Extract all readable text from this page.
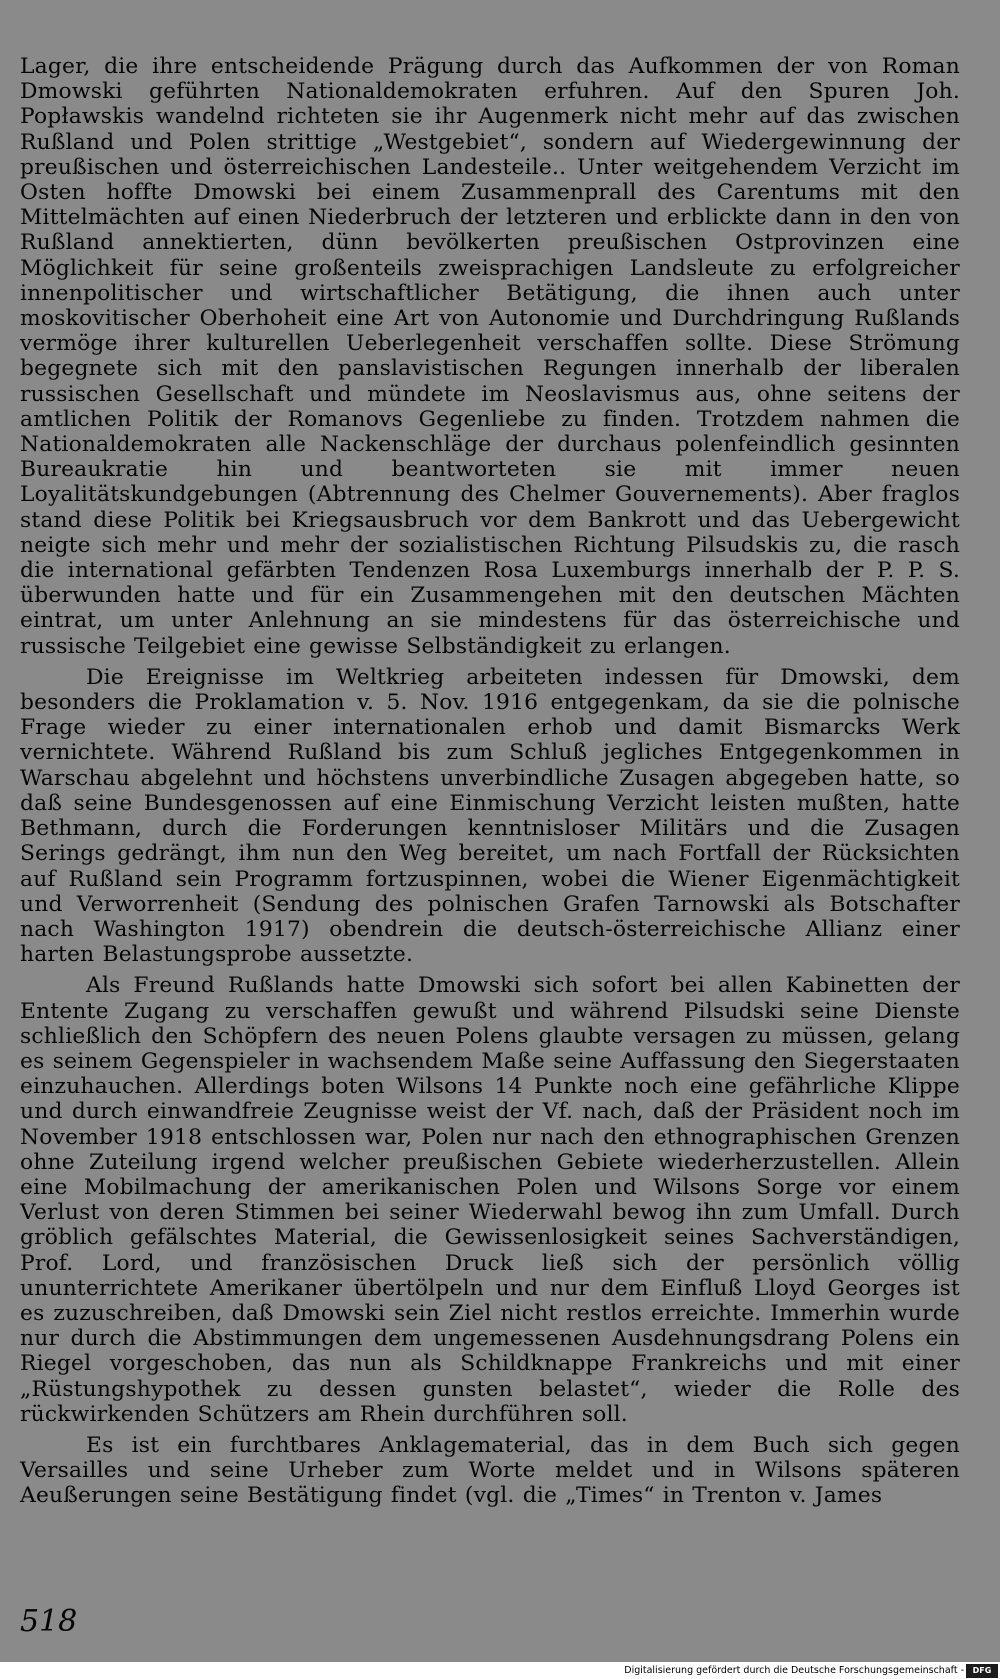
Lager, die ihre entscheidende Prägung durch das Aufkommen der von Roman Dmowski geführten Nationaldemokraten erfuhren. Auf den Spuren Joh. Popławskis wandelnd richteten sie ihr Augenmerk nicht mehr auf das zwischen Rußland und Polen strittige „Westgebiet“, sondern auf Wiedergewinnung der preußischen und österreichischen Landesteile.. Unter weitgehendem Verzicht im Osten hoffte Dmowski bei einem Zusammenprall des Carentums mit den Mittelmächten auf einen Niederbruch der letzteren und erblickte dann in den von Rußland annektierten, dünn bevölkerten preußischen Ostprovinzen eine Möglichkeit für seine großenteils zweisprachigen Landsleute zu erfolgreicher innenpolitischer und wirtschaftlicher Betätigung, die ihnen auch unter moskovitischer Oberhoheit eine Art von Autonomie und Durchdringung Rußlands vermöge ihrer kulturellen Ueberlegenheit verschaffen sollte. Diese Strömung begegnete sich mit den panslavistischen Regungen innerhalb der liberalen russischen Gesellschaft und mündete im Neoslavismus aus, ohne seitens der amtlichen Politik der Romanovs Gegenliebe zu finden. Trotzdem nahmen die Nationaldemokraten alle Nackenschläge der durchaus polenfeindlich gesinnten Bureaukratie hin und beantworteten sie mit immer neuen Loyalitätskundgebungen (Abtrennung des Chelmer Gouvernements). Aber fraglos stand diese Politik bei Kriegsausbruch vor dem Bankrott und das Uebergewicht neigte sich mehr und mehr der sozialistischen Richtung Pilsudskis zu, die rasch die international gefärbten Tendenzen Rosa Luxemburgs innerhalb der P. P. S. überwunden hatte und für ein Zusammengehen mit den deutschen Mächten eintrat, um unter Anlehnung an sie mindestens für das österreichische und russische Teilgebiet eine gewisse Selbständigkeit zu erlangen.

Die Ereignisse im Weltkrieg arbeiteten indessen für Dmowski, dem besonders die Proklamation v. 5. Nov. 1916 entgegenkam, da sie die polnische Frage wieder zu einer internationalen erhob und damit Bismarcks Werk vernichtete. Während Rußland bis zum Schluß jegliches Entgegenkommen in Warschau abgelehnt und höchstens unverbindliche Zusagen abgegeben hatte, so daß seine Bundesgenossen auf eine Einmischung Verzicht leisten mußten, hatte Bethmann, durch die Forderungen kenntnisloser Militärs und die Zusagen Serings gedrängt, ihm nun den Weg bereitet, um nach Fortfall der Rücksichten auf Rußland sein Programm fortzuspinnen, wobei die Wiener Eigenmächtigkeit und Verworrenheit (Sendung des polnischen Grafen Tarnowski als Botschafter nach Washington 1917) obendrein die deutsch-österreichische Allianz einer harten Belastungsprobe aussetzte.

Als Freund Rußlands hatte Dmowski sich sofort bei allen Kabinetten der Entente Zugang zu verschaffen gewußt und während Pilsudski seine Dienste schließlich den Schöpfern des neuen Polens glaubte versagen zu müssen, gelang es seinem Gegenspieler in wachsendem Maße seine Auffassung den Siegerstaaten einzuhauchen. Allerdings boten Wilsons 14 Punkte noch eine gefährliche Klippe und durch einwandfreie Zeugnisse weist der Vf. nach, daß der Präsident noch im November 1918 entschlossen war, Polen nur nach den ethnographischen Grenzen ohne Zuteilung irgend welcher preußischen Gebiete wiederherzustellen. Allein eine Mobilmachung der amerikanischen Polen und Wilsons Sorge vor einem Verlust von deren Stimmen bei seiner Wiederwahl bewog ihn zum Umfall. Durch gröblich gefälschtes Material, die Gewissenlosigkeit seines Sachverständigen, Prof. Lord, und französischen Druck ließ sich der persönlich völlig ununterrichtete Amerikaner übertölpeln und nur dem Einfluß Lloyd Georges ist es zuzuschreiben, daß Dmowski sein Ziel nicht restlos erreichte. Immerhin wurde nur durch die Abstimmungen dem ungemessenen Ausdehnungsdrang Polens ein Riegel vorgeschoben, das nun als Schildknappe Frankreichs und mit einer „Rüstungshypothek zu dessen gunsten belastet“, wieder die Rolle des rückwirkenden Schützers am Rhein durchführen soll.

Es ist ein furchtbares Anklagematerial, das in dem Buch sich gegen Versailles und seine Urheber zum Worte meldet und in Wilsons späteren Aeußerungen seine Bestätigung findet (vgl. die „Times“ in Trenton v. James

518
Digitalisierung gefördert durch die Deutsche Forschungsgemeinschaft -	DFG
